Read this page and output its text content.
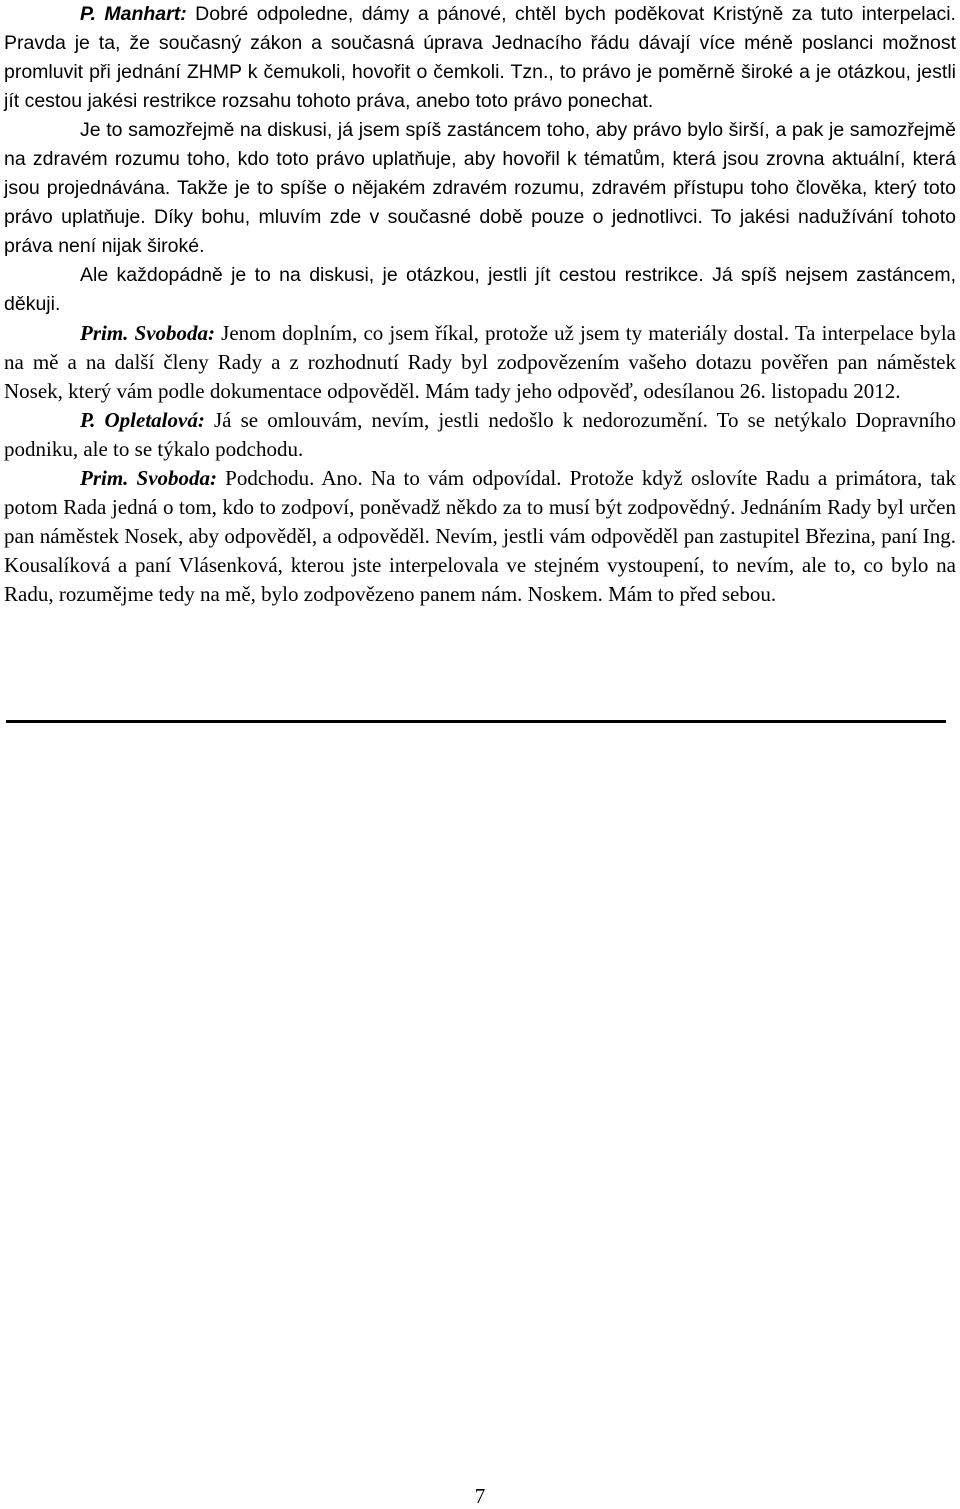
P. Manhart: Dobré odpoledne, dámy a pánové, chtěl bych poděkovat Kristýně za tuto interpelaci. Pravda je ta, že současný zákon a současná úprava Jednacího řádu dávají více méně poslanci možnost promluvit při jednání ZHMP k čemukoli, hovořit o čemkoli. Tzn., to právo je poměrně široké a je otázkou, jestli jít cestou jakési restrikce rozsahu tohoto práva, anebo toto právo ponechat.

Je to samozřejmě na diskusi, já jsem spíš zastáncem toho, aby právo bylo širší, a pak je samozřejmě na zdravém rozumu toho, kdo toto právo uplatňuje, aby hovořil k tématům, která jsou zrovna aktuální, která jsou projednávána. Takže je to spíše o nějakém zdravém rozumu, zdravém přístupu toho člověka, který toto právo uplatňuje. Díky bohu, mluvím zde v současné době pouze o jednotlivci. To jakési nadužívání tohoto práva není nijak široké.

Ale každopádně je to na diskusi, je otázkou, jestli jít cestou restrikce. Já spíš nejsem zastáncem, děkuji.

Prim. Svoboda: Jenom doplním, co jsem říkal, protože už jsem ty materiály dostal. Ta interpelace byla na mě a na další členy Rady a z rozhodnutí Rady byl zodpovězením vašeho dotazu pověřen pan náměstek Nosek, který vám podle dokumentace odpověděl. Mám tady jeho odpověď, odesílanou 26. listopadu 2012.

P. Opletalová: Já se omlouvám, nevím, jestli nedošlo k nedorozumění. To se netýkalo Dopravního podniku, ale to se týkalo podchodu.

Prim. Svoboda: Podchodu. Ano. Na to vám odpovídal. Protože když oslovíte Radu a primátora, tak potom Rada jedná o tom, kdo to zodpoví, poněvadž někdo za to musí být zodpovědný. Jednáním Rady byl určen pan náměstek Nosek, aby odpověděl, a odpověděl. Nevím, jestli vám odpověděl pan zastupitel Březina, paní Ing. Kousalíková a paní Vlásenková, kterou jste interpelovala ve stejném vystoupení, to nevím, ale to, co bylo na Radu, rozumějme tedy na mě, bylo zodpovězeno panem nám. Noskem. Mám to před sebou.

7
